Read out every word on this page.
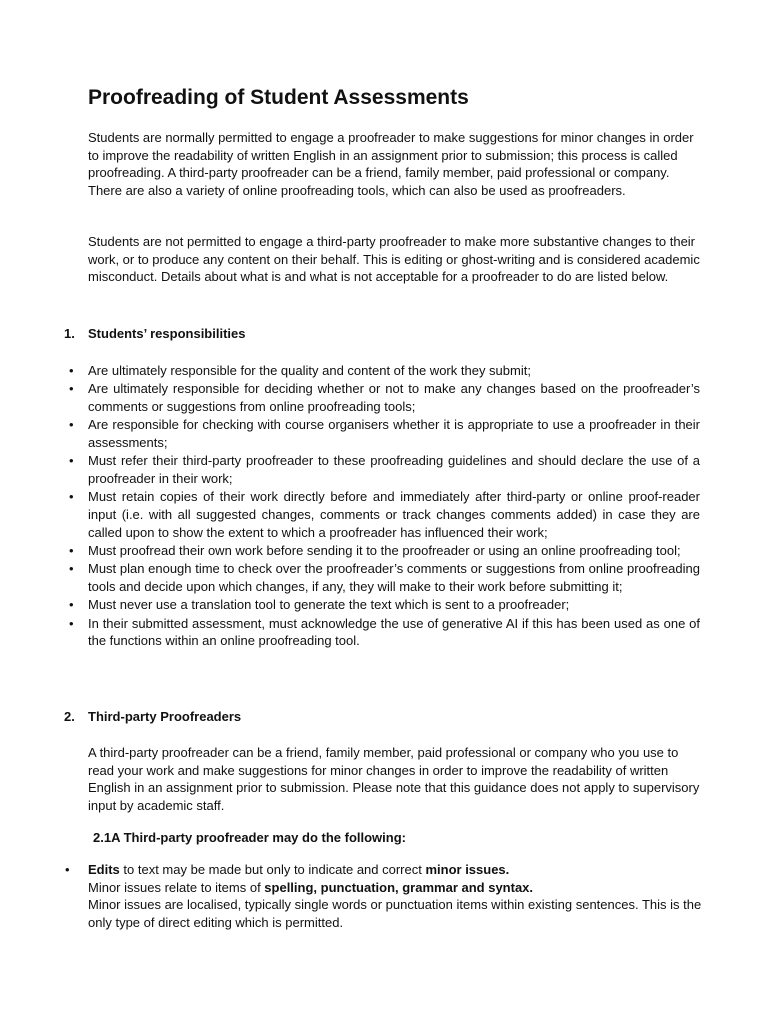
Proofreading of Student Assessments

Students are normally permitted to engage a proofreader to make suggestions for minor changes in order to improve the readability of written English in an assignment prior to submission; this process is called proofreading. A third-party proofreader can be a friend, family member, paid professional or company. There are also a variety of online proofreading tools, which can also be used as proofreaders.

Students are not permitted to engage a third-party proofreader to make more substantive changes to their work, or to produce any content on their behalf. This is editing or ghost-writing and is considered academic misconduct. Details about what is and what is not acceptable for a proofreader to do are listed below.

1. Students’ responsibilities
• Are ultimately responsible for the quality and content of the work they submit;
• Are ultimately responsible for deciding whether or not to make any changes based on the proofreader’s comments or suggestions from online proofreading tools;
• Are responsible for checking with course organisers whether it is appropriate to use a proofreader in their assessments;
• Must refer their third-party proofreader to these proofreading guidelines and should declare the use of a proofreader in their work;
• Must retain copies of their work directly before and immediately after third-party or online proof-reader input (i.e. with all suggested changes, comments or track changes comments added) in case they are called upon to show the extent to which a proofreader has influenced their work;
• Must proofread their own work before sending it to the proofreader or using an online proofreading tool;
• Must plan enough time to check over the proofreader’s comments or suggestions from online proofreading tools and decide upon which changes, if any, they will make to their work before submitting it;
• Must never use a translation tool to generate the text which is sent to a proofreader;
• In their submitted assessment, must acknowledge the use of generative AI if this has been used as one of the functions within an online proofreading tool.
2. Third-party Proofreaders

A third-party proofreader can be a friend, family member, paid professional or company who you use to read your work and make suggestions for minor changes in order to improve the readability of written English in an assignment prior to submission. Please note that this guidance does not apply to supervisory input by academic staff.

2.1A Third-party proofreader may do the following:
• Edits to text may be made but only to indicate and correct minor issues.
Minor issues relate to items of spelling, punctuation, grammar and syntax.
Minor issues are localised, typically single words or punctuation items within existing sentences. This is the only type of direct editing which is permitted.
